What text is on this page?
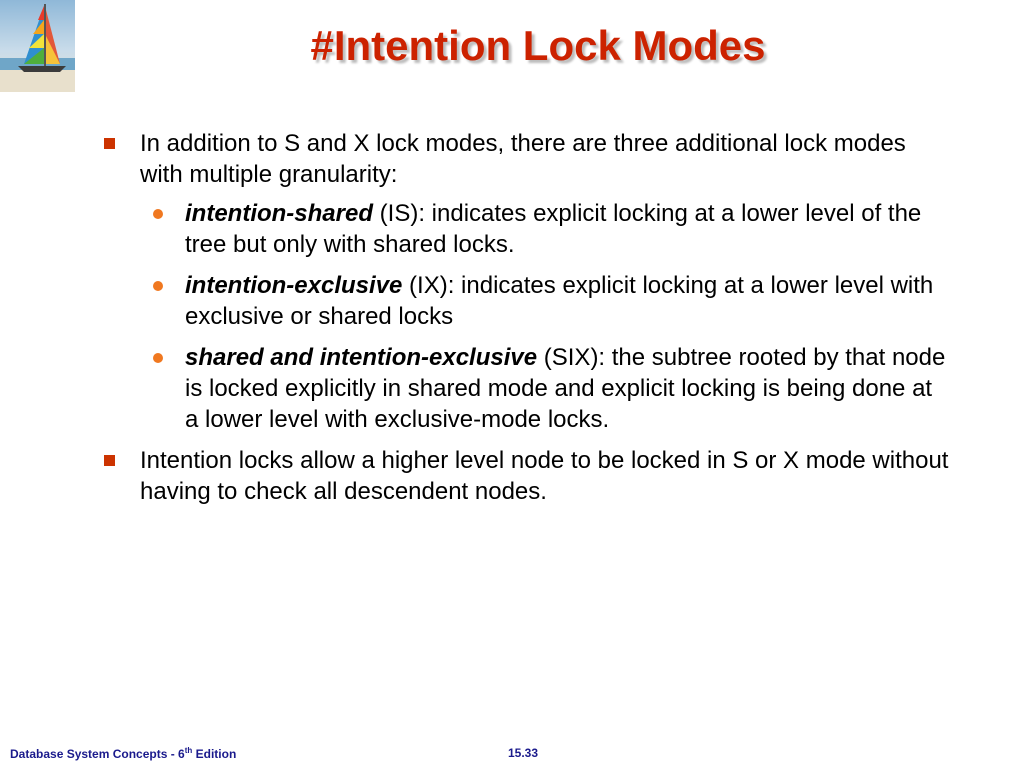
#Intention Lock Modes
In addition to S and X lock modes, there are three additional lock modes with multiple granularity:
intention-shared (IS): indicates explicit locking at a lower level of the tree but only with shared locks.
intention-exclusive (IX): indicates explicit locking at a lower level with exclusive or shared locks
shared and intention-exclusive (SIX): the subtree rooted by that node is locked explicitly in shared mode and explicit locking is being done at a lower level with exclusive-mode locks.
Intention locks allow a higher level node to be locked in S or X mode without having to check all descendent nodes.
Database System Concepts - 6th Edition	15.33
